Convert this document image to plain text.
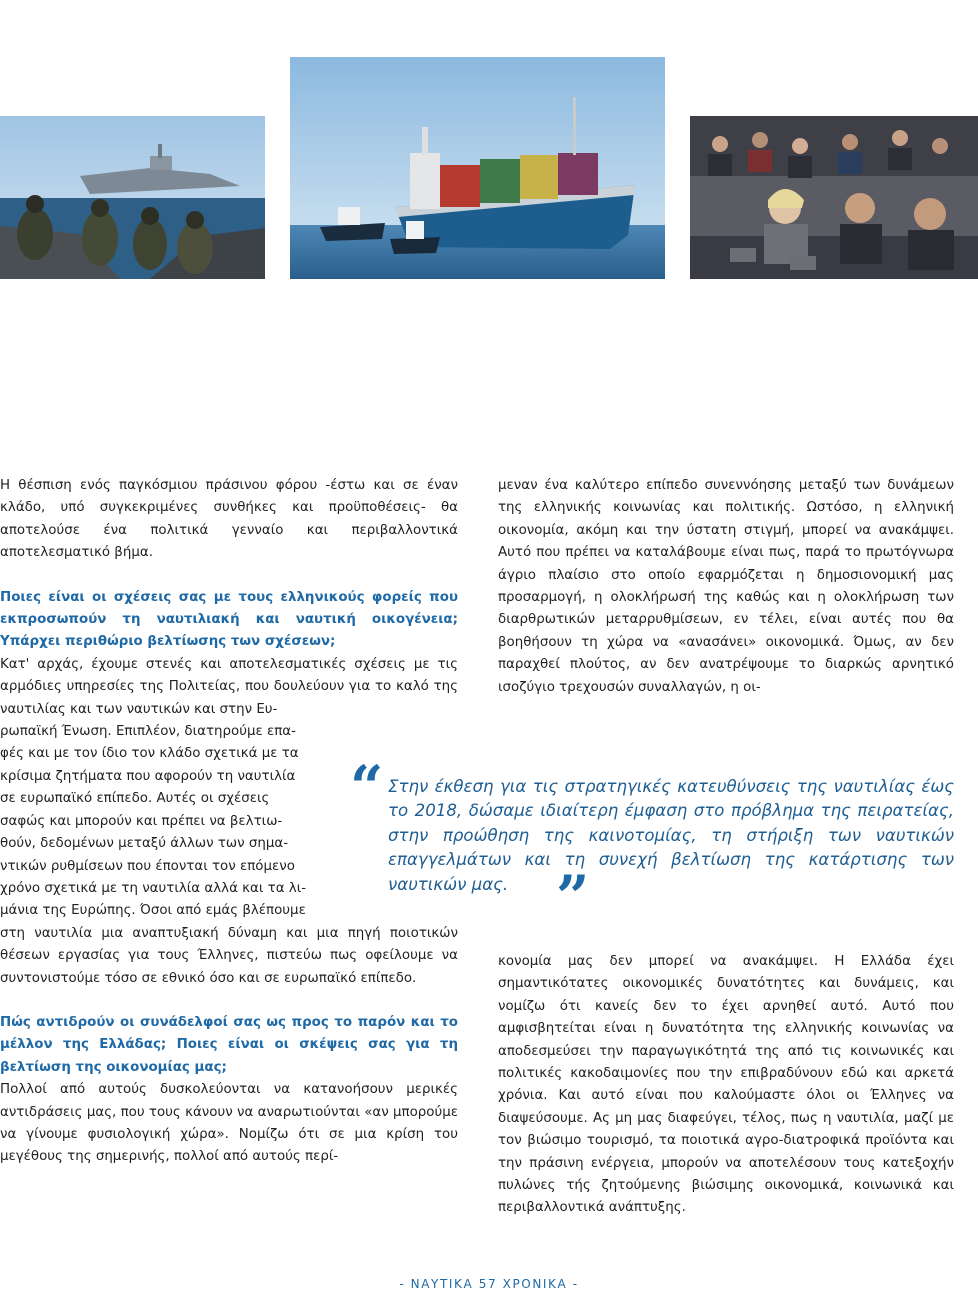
Η θέσπιση ενός παγκόσμιου πράσινου φόρου -έστω και σε έναν κλάδο, υπό συγκεκριμένες συνθήκες και προϋποθέσεις- θα αποτελούσε ένα πολιτικά γενναίο και περιβαλλοντικά αποτελεσματικό βήμα.

Ποιες είναι οι σχέσεις σας με τους ελληνικούς φορείς που εκπροσωπούν τη ναυτιλιακή και ναυτική οικογένεια; Υπάρχει περιθώριο βελτίωσης των σχέσεων;

Κατ' αρχάς, έχουμε στενές και αποτελεσματικές σχέσεις με τις αρμόδιες υπηρεσίες της Πολιτείας, που δουλεύουν για το καλό της ναυτιλίας και των ναυτικών και στην Ευ-

ρωπαϊκή Ένωση. Επιπλέον, διατηρούμε επα-

φές και με τον ίδιο τον κλάδο σχετικά με τα

κρίσιμα ζητήματα που αφορούν τη ναυτιλία

σε ευρωπαϊκό επίπεδο. Αυτές οι σχέσεις

σαφώς και μπορούν και πρέπει να βελτιω-

θούν, δεδομένων μεταξύ άλλων των σημα-

ντικών ρυθμίσεων που έπονται τον επόμενο

χρόνο σχετικά με τη ναυτιλία αλλά και τα λι-

μάνια της Ευρώπης. Όσοι από εμάς βλέπουμε

στη ναυτιλία μια αναπτυξιακή δύναμη και μια πηγή ποιοτικών θέσεων εργασίας για τους Έλληνες, πιστεύω πως οφείλουμε να συντονιστούμε τόσο σε εθνικό όσο και σε ευρωπαϊκό επίπεδο.

Πώς αντιδρούν οι συνάδελφοί σας ως προς το παρόν και το μέλλον της Ελλάδας; Ποιες είναι οι σκέψεις σας για τη βελτίωση της οικονομίας μας;

Πολλοί από αυτούς δυσκολεύονται να κατανοήσουν μερικές αντιδράσεις μας, που τους κάνουν να αναρωτιούνται «αν μπορούμε να γίνουμε φυσιολογική χώρα». Νομίζω ότι σε μια κρίση του μεγέθους της σημερινής, πολλοί από αυτούς περί-

μεναν ένα καλύτερο επίπεδο συνεννόησης μεταξύ των δυνάμεων της ελληνικής κοινωνίας και πολιτικής. Ωστόσο, η ελληνική οικονομία, ακόμη και την ύστατη στιγμή, μπορεί να ανακάμψει. Αυτό που πρέπει να καταλάβουμε είναι πως, παρά το πρωτόγνωρα άγριο πλαίσιο στο οποίο εφαρμόζεται η δημοσιονομική μας προσαρμογή, η ολοκλήρωσή της καθώς και η ολοκλήρωση των διαρθρωτικών μεταρρυθμίσεων, εν τέλει, είναι αυτές που θα βοηθήσουν τη χώρα να «ανασάνει» οικονομικά. Όμως, αν δεν παραχθεί πλούτος, αν δεν ανατρέψουμε το διαρκώς αρνητικό ισοζύγιο τρεχουσών συναλλαγών, η οι-

“ Στην έκθεση για τις στρατηγικές κατευθύνσεις της ναυτιλίας έως το 2018, δώσαμε ιδιαίτερη έμφαση στο πρόβλημα της πειρατείας, στην προώθηση της καινοτομίας, τη στήριξη των ναυτικών επαγγελμάτων και τη συνεχή βελτίωση της κατάρτισης των ναυτικών μας. ”

κονομία μας δεν μπορεί να ανακάμψει. Η Ελλάδα έχει σημαντικότατες οικονομικές δυνατότητες και δυνάμεις, και νομίζω ότι κανείς δεν το έχει αρνηθεί αυτό. Αυτό που αμφισβητείται είναι η δυνατότητα της ελληνικής κοινωνίας να αποδεσμεύσει την παραγωγικότητά της από τις κοινωνικές και πολιτικές κακοδαιμονίες που την επιβραδύνουν εδώ και αρκετά χρόνια. Και αυτό είναι που καλούμαστε όλοι οι Έλληνες να διαψεύσουμε. Ας μη μας διαφεύγει, τέλος, πως η ναυτιλία, μαζί με τον βιώσιμο τουρισμό, τα ποιοτικά αγρο-διατροφικά προϊόντα και την πράσινη ενέργεια, μπορούν να αποτελέσουν τους κατεξοχήν πυλώνες τής ζητούμενης βιώσιμης οικονομικά, κοινωνικά και περιβαλλοντικά ανάπτυξης.

- ΝΑΥΤΙΚΑ 57 ΧΡΟΝΙΚΑ -
